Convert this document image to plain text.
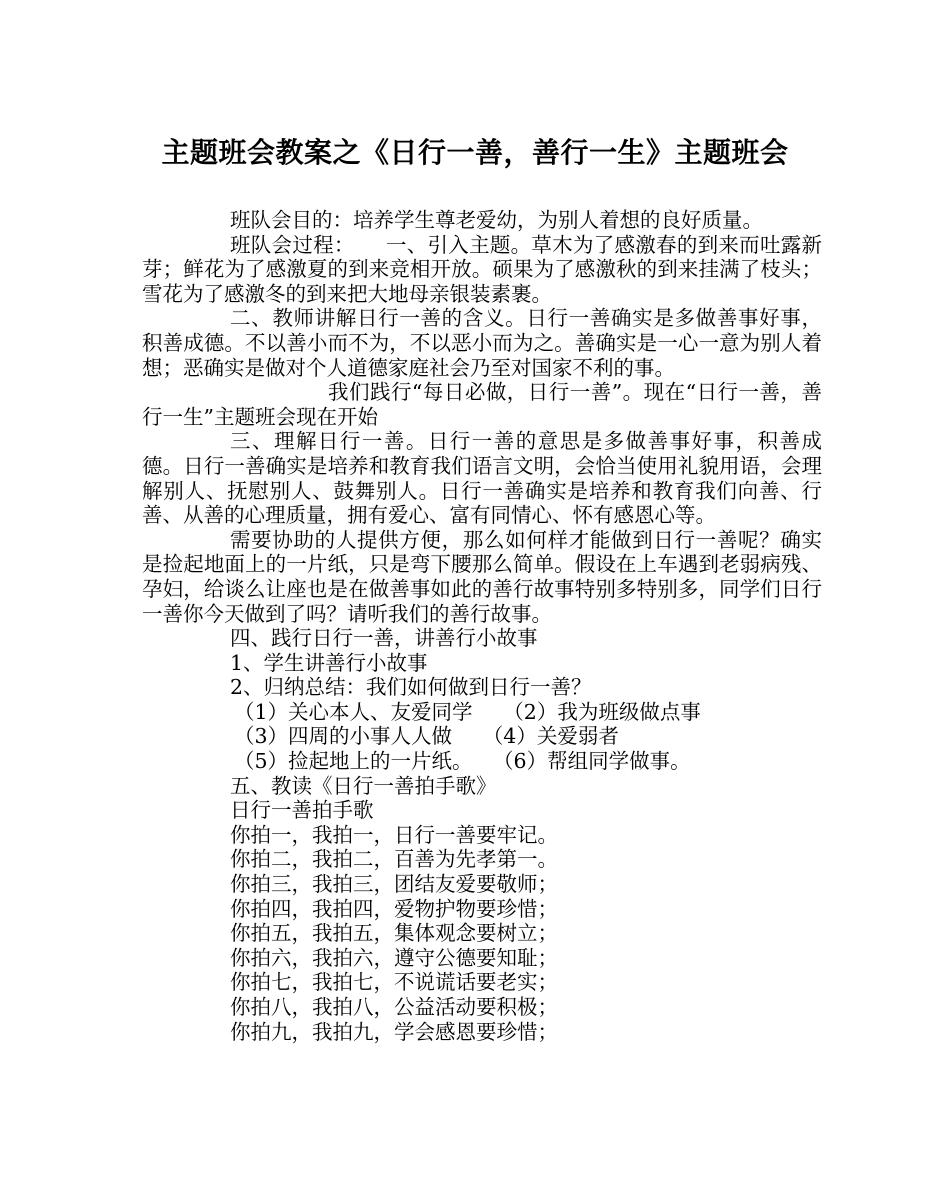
主题班会教案之《日行一善，善行一生》主题班会

班队会目的：培养学生尊老爱幼，为别人着想的良好质量。

班队会过程：　　一、引入主题。草木为了感激春的到来而吐露新芽；鲜花为了感激夏的到来竞相开放。硕果为了感激秋的到来挂满了枝头；雪花为了感激冬的到来把大地母亲银装素裹。

二、教师讲解日行一善的含义。日行一善确实是多做善事好事，积善成德。不以善小而不为，不以恶小而为之。善确实是一心一意为别人着想；恶确实是做对个人道德家庭社会乃至对国家不利的事。

我们践行“每日必做，日行一善”。现在“日行一善，善行一生”主题班会现在开始

三、理解日行一善。日行一善的意思是多做善事好事，积善成德。日行一善确实是培养和教育我们语言文明，会恰当使用礼貌用语，会理解别人、抚慰别人、鼓舞别人。日行一善确实是培养和教育我们向善、行善、从善的心理质量，拥有爱心、富有同情心、怀有感恩心等。

需要协助的人提供方便，那么如何样才能做到日行一善呢？确实是捡起地面上的一片纸，只是弯下腰那么简单。假设在上车遇到老弱病残、孕妇，给谈么让座也是在做善事如此的善行故事特别多特别多，同学们日行一善你今天做到了吗？请听我们的善行故事。

四、践行日行一善，讲善行小故事

1、学生讲善行小故事

2、归纳总结：我们如何做到日行一善？

（1）关心本人、友爱同学　　（2）我为班级做点事

（3）四周的小事人人做　　（4）关爱弱者

（5）捡起地上的一片纸。　　（6）帮组同学做事。

五、教读《日行一善拍手歌》

日行一善拍手歌

你拍一，我拍一，日行一善要牢记。

你拍二，我拍二，百善为先孝第一。

你拍三，我拍三，团结友爱要敬师；

你拍四，我拍四，爱物护物要珍惜；

你拍五，我拍五，集体观念要树立；

你拍六，我拍六，遵守公德要知耻；

你拍七，我拍七，不说谎话要老实；

你拍八，我拍八，公益活动要积极；

你拍九，我拍九，学会感恩要珍惜；
